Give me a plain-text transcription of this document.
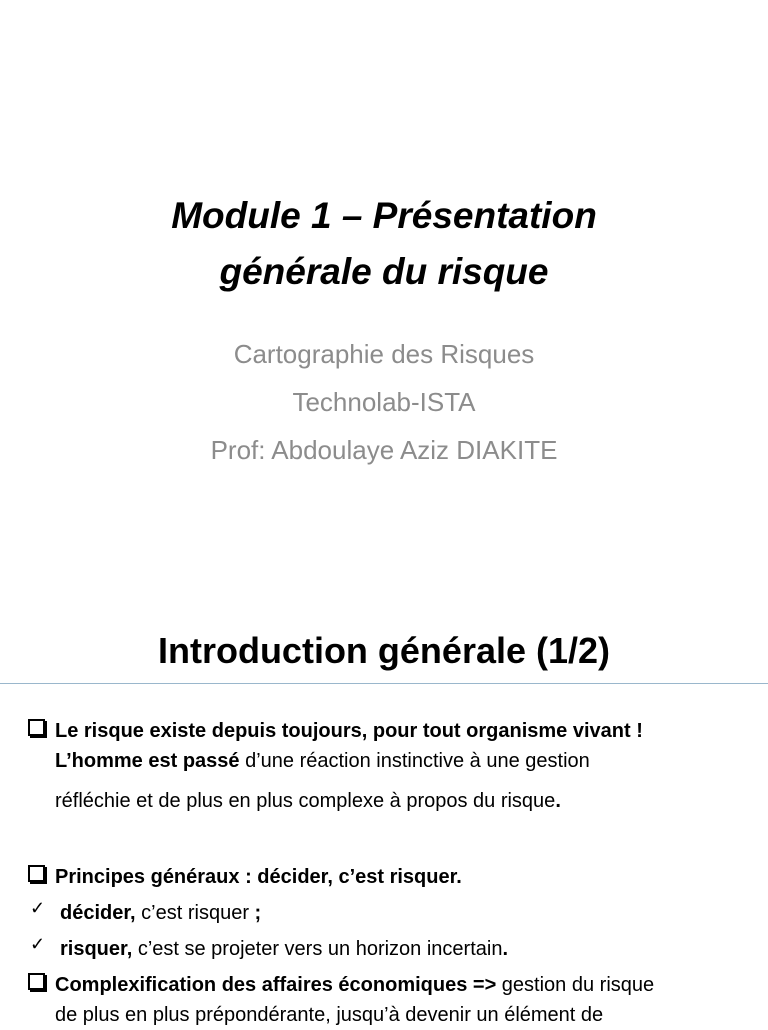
Module 1 – Présentation
générale du risque
Cartographie des Risques
Technolab-ISTA
Prof: Abdoulaye Aziz DIAKITE
Introduction générale (1/2)
Le risque existe depuis toujours, pour tout organisme vivant !
L’homme est passé d’une réaction instinctive à une gestion
réfléchie et de plus en plus complexe à propos du risque.
Principes généraux : décider, c’est risquer.
✓ décider, c’est risquer ;
✓ risquer, c’est se projeter vers un horizon incertain.
Complexification des affaires économiques => gestion du risque
de plus en plus prépondérante, jusqu’à devenir un élément de
